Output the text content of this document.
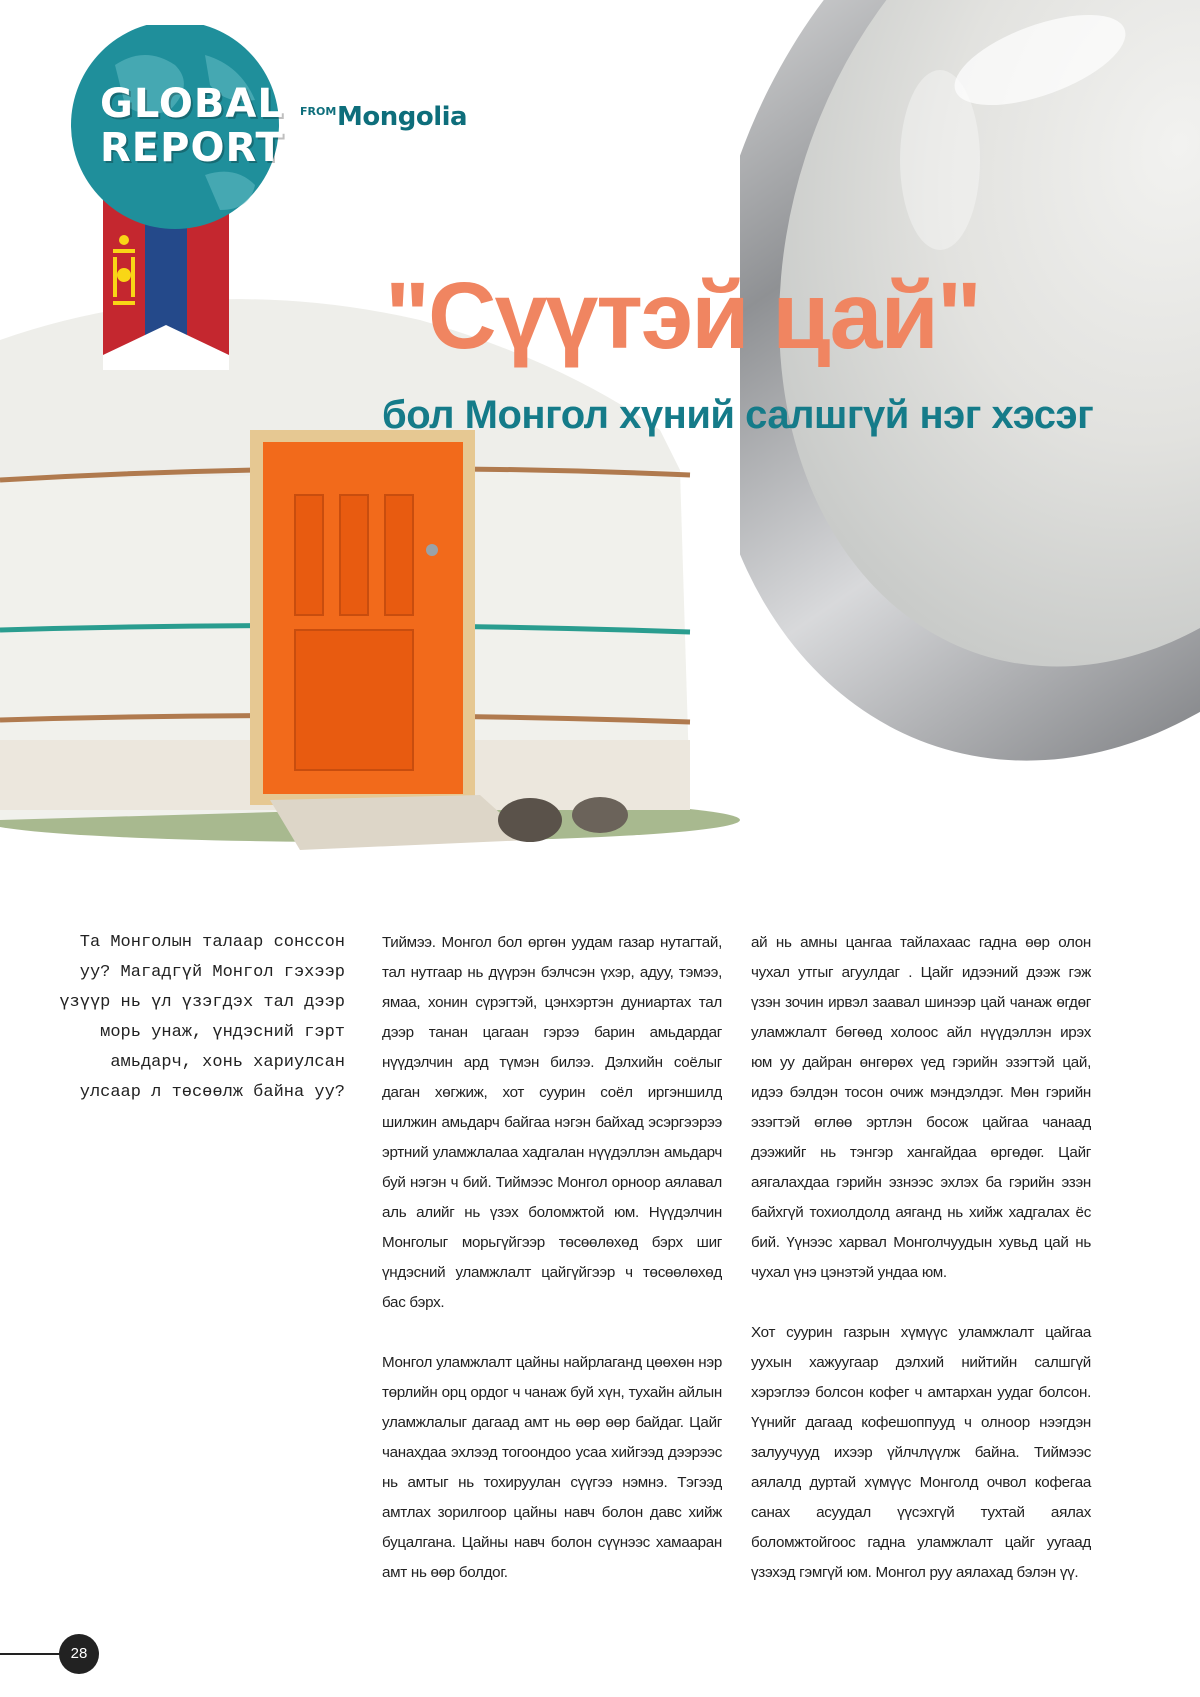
GLOBAL
REPORT
FROM Mongolia
"Сүүтэй цай"
бол Монгол хүний салшгүй нэг хэсэг

Та Монголын талаар сонссон уу? Магадгүй Монгол гэхээр үзүүр нь үл үзэгдэх тал дээр морь унаж, үндэсний гэрт амьдарч, хонь хариулсан улсаар л төсөөлж байна уу?

Тиймээ. Монгол бол өргөн уудам газар нутагтай, тал нутгаар нь дүүрэн бэлчсэн үхэр, адуу, тэмээ, ямаа, хонин сүрэгтэй, цэнхэртэн дуниартах тал дээр танан цагаан гэрээ барин амьдардаг нүүдэлчин ард түмэн билээ. Дэлхийн соёлыг даган хөгжиж, хот суурин соёл иргэншилд шилжин амьдарч байгаа нэгэн байхад эсэргээрээ эртний уламжлалаа хадгалан нүүдэллэн амьдарч буй нэгэн ч бий. Тиймээс Монгол орноор аялавал аль алийг нь үзэх боломжтой юм. Нүүдэлчин Монголыг морьгүйгээр төсөөлөхөд бэрх шиг үндэсний уламжлалт цайгүйгээр ч төсөөлөхөд бас бэрх.

Монгол уламжлалт цайны найрлаганд цөөхөн нэр төрлийн орц ордог ч чанаж буй хүн, тухайн айлын уламжлалыг дагаад амт нь өөр өөр байдаг. Цайг чанахдаа эхлээд тогоондоо усаа хийгээд дээрээс нь амтыг нь тохируулан сүүгээ нэмнэ. Тэгээд амтлах зорилгоор цайны навч болон давс хийж буцалгана. Цайны навч болон сүүнээс хамааран амт нь өөр болдог.

ай нь амны цангаа тайлахаас гадна өөр олон чухал утгыг агуулдаг . Цайг идээний дээж гэж үзэн зочин ирвэл заавал шинээр цай чанаж өгдөг уламжлалт бөгөөд холоос айл нүүдэллэн ирэх юм уу дайран өнгөрөх үед гэрийн эзэгтэй цай, идээ бэлдэн тосон очиж мэндэлдэг. Мөн гэрийн эзэгтэй өглөө эртлэн босож цайгаа чанаад дээжийг нь тэнгэр хангайдаа өргөдөг. Цайг аягалахдаа гэрийн эзнээс эхлэх ба гэрийн эзэн байхгүй тохиолдолд аяганд нь хийж хадгалах ёс бий. Үүнээс харвал Монголчуудын хувьд цай нь чухал үнэ цэнэтэй ундаа юм.

Хот суурин газрын хүмүүс уламжлалт цайгаа уухын хажуугаар дэлхий нийтийн салшгүй хэрэглээ болсон кофег ч амтархан уудаг болсон. Үүнийг дагаад кофешоппууд ч олноор нээгдэн залуучууд ихээр үйлчлүүлж байна. Тиймээс аялалд дуртай хүмүүс Монголд очвол кофегаа санах асуудал үүсэхгүй тухтай аялах боломжтойгоос гадна уламжлалт цайг уугаад үзэхэд гэмгүй юм. Монгол руу аялахад бэлэн үү.

28
